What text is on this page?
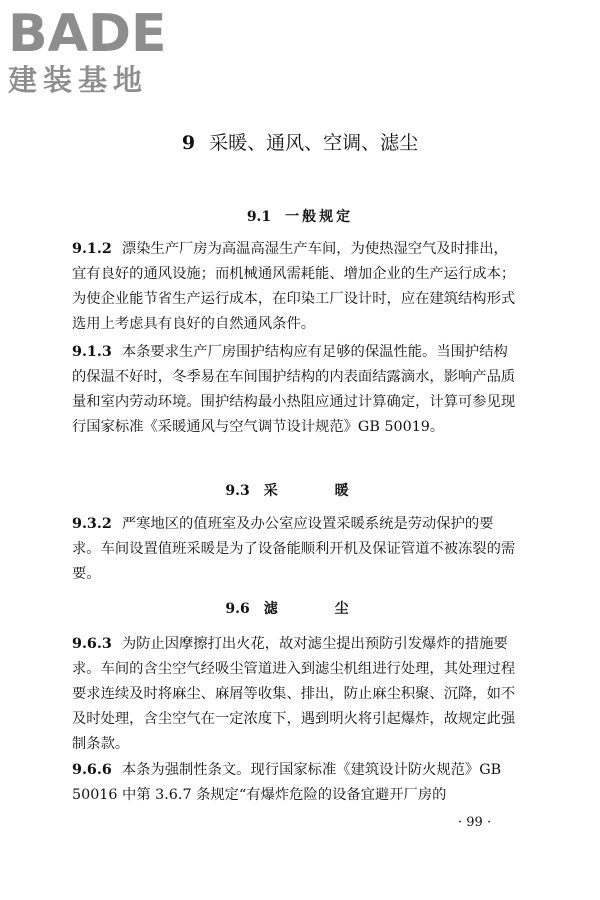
BADE
建装基地
9 采暖、通风、空调、滤尘
9.1 一般规定
9.1.2 漂染生产厂房为高温高湿生产车间，为使热湿空气及时排出，宜有良好的通风设施；而机械通风需耗能、增加企业的生产运行成本；为使企业能节省生产运行成本，在印染工厂设计时，应在建筑结构形式选用上考虑具有良好的自然通风条件。
9.1.3 本条要求生产厂房围护结构应有足够的保温性能。当围护结构的保温不好时，冬季易在车间围护结构的内表面结露滴水，影响产品质量和室内劳动环境。围护结构最小热阻应通过计算确定，计算可参见现行国家标准《采暖通风与空气调节设计规范》GB 50019。
9.3 采 暖
9.3.2 严寒地区的值班室及办公室应设置采暖系统是劳动保护的要求。车间设置值班采暖是为了设备能顺利开机及保证管道不被冻裂的需要。
9.6 滤 尘
9.6.3 为防止因摩擦打出火花，故对滤尘提出预防引发爆炸的措施要求。车间的含尘空气经吸尘管道进入到滤尘机组进行处理，其处理过程要求连续及时将麻尘、麻屑等收集、排出，防止麻尘积聚、沉降，如不及时处理，含尘空气在一定浓度下，遇到明火将引起爆炸，故规定此强制条款。
9.6.6 本条为强制性条文。现行国家标准《建筑设计防火规范》GB 50016 中第 3.6.7 条规定“有爆炸危险的设备宜避开厂房的
· 99 ·
